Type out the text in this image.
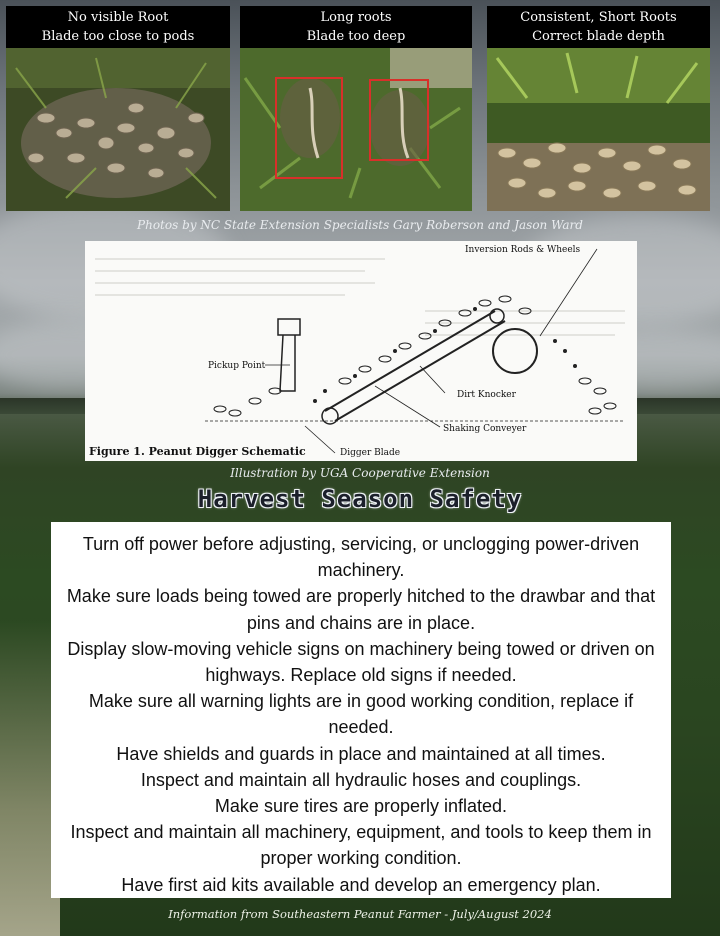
No visible Root
Blade too close to pods
Long roots
Blade too deep
Consistent, Short Roots
Correct blade depth
Photos by NC State Extension Specialists Gary Roberson and Jason Ward
Inversion Rods & Wheels
Pickup Point
Dirt Knocker
Shaking Conveyer
Digger Blade
Figure 1. Peanut Digger Schematic
Illustration by UGA Cooperative Extension
Harvest Season Safety
Turn off power before adjusting, servicing, or unclogging power-driven machinery.
Make sure loads being towed are properly hitched to the drawbar and that pins and chains are in place.
Display slow-moving vehicle signs on machinery being towed or driven on highways. Replace old signs if needed.
Make sure all warning lights are in good working condition, replace if needed.
Have shields and guards in place and maintained at all times.
Inspect and maintain all hydraulic hoses and couplings.
Make sure tires are properly inflated.
Inspect and maintain all machinery, equipment, and tools to keep them in proper working condition.
Have first aid kits available and develop an emergency plan.
Information from Southeastern Peanut Farmer - July/August 2024
